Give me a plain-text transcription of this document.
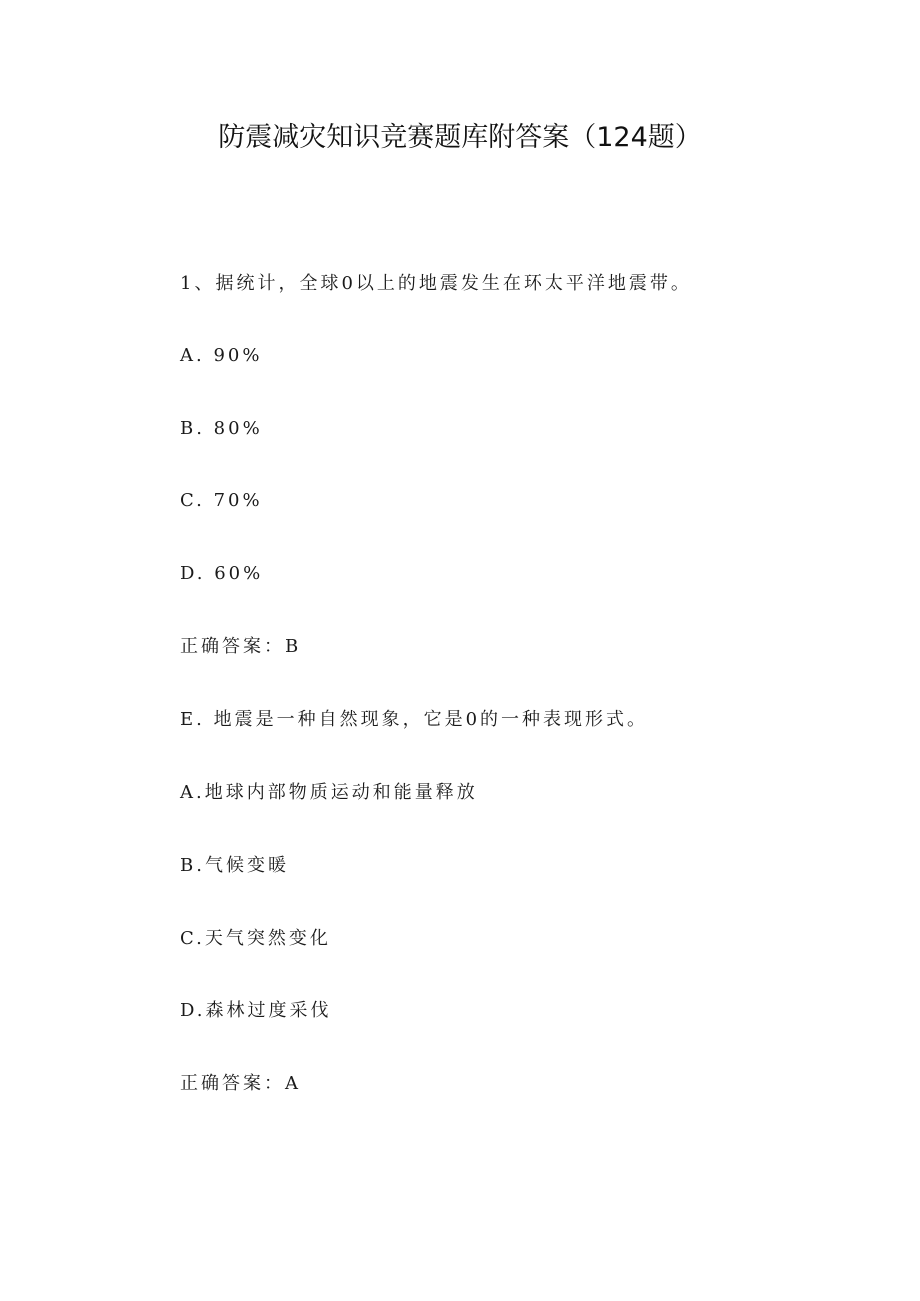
防震减灾知识竞赛题库附答案（124题）
1、据统计，全球0以上的地震发生在环太平洋地震带。
A. 90%
B. 80%
C. 70%
D. 60%
正确答案：B
E. 地震是一种自然现象，它是0的一种表现形式。
A.地球内部物质运动和能量释放
B.气候变暖
C.天气突然变化
D.森林过度采伐
正确答案：A
